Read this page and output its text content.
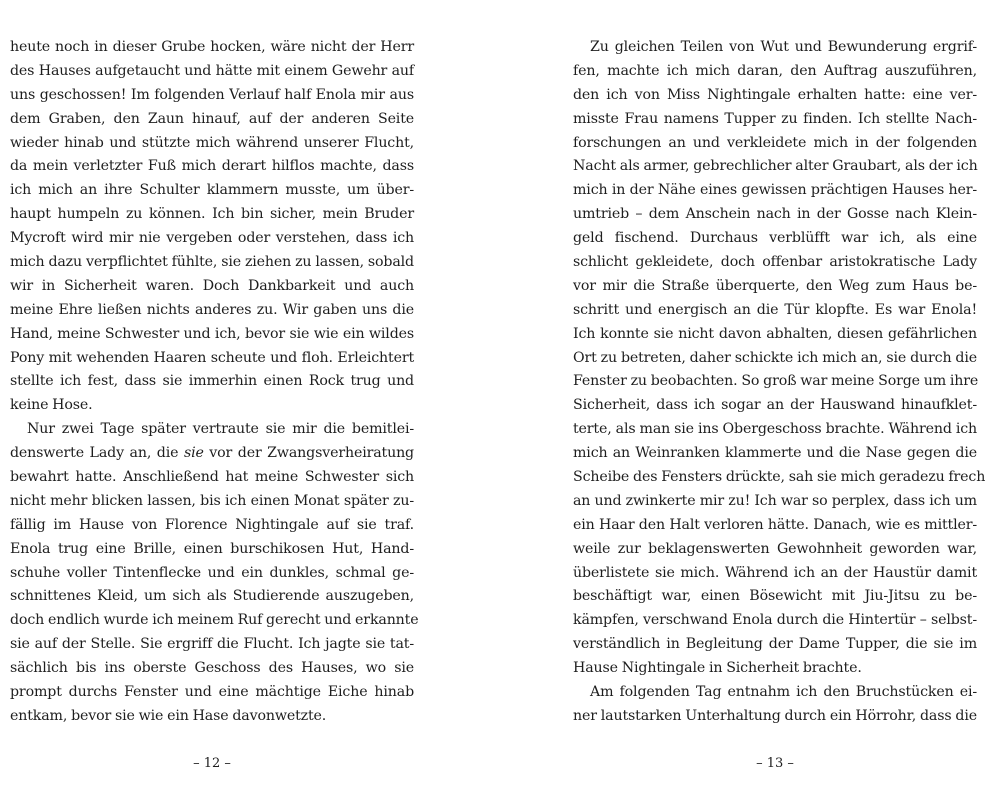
heute noch in dieser Grube hocken, wäre nicht der Herr
des Hauses aufgetaucht und hätte mit einem Gewehr auf
uns geschossen! Im folgenden Verlauf half Enola mir aus
dem Graben, den Zaun hinauf, auf der anderen Seite
wieder hinab und stützte mich während unserer Flucht,
da mein verletzter Fuß mich derart hilflos machte, dass
ich mich an ihre Schulter klammern musste, um über-
haupt humpeln zu können. Ich bin sicher, mein Bruder
Mycroft wird mir nie vergeben oder verstehen, dass ich
mich dazu verpflichtet fühlte, sie ziehen zu lassen, sobald
wir in Sicherheit waren. Doch Dankbarkeit und auch
meine Ehre ließen nichts anderes zu. Wir gaben uns die
Hand, meine Schwester und ich, bevor sie wie ein wildes
Pony mit wehenden Haaren scheute und floh. Erleichtert
stellte ich fest, dass sie immerhin einen Rock trug und
keine Hose.
Nur zwei Tage später vertraute sie mir die bemitlei-
denswerte Lady an, die sie vor der Zwangsverheiratung
bewahrt hatte. Anschließend hat meine Schwester sich
nicht mehr blicken lassen, bis ich einen Monat später zu-
fällig im Hause von Florence Nightingale auf sie traf.
Enola trug eine Brille, einen burschikosen Hut, Hand-
schuhe voller Tintenflecke und ein dunkles, schmal ge-
schnittenes Kleid, um sich als Studierende auszugeben,
doch endlich wurde ich meinem Ruf gerecht und erkannte
sie auf der Stelle. Sie ergriff die Flucht. Ich jagte sie tat-
sächlich bis ins oberste Geschoss des Hauses, wo sie
prompt durchs Fenster und eine mächtige Eiche hinab
entkam, bevor sie wie ein Hase davonwetzte.
– 12 –
Zu gleichen Teilen von Wut und Bewunderung ergrif-
fen, machte ich mich daran, den Auftrag auszuführen,
den ich von Miss Nightingale erhalten hatte: eine ver-
misste Frau namens Tupper zu finden. Ich stellte Nach-
forschungen an und verkleidete mich in der folgenden
Nacht als armer, gebrechlicher alter Graubart, als der ich
mich in der Nähe eines gewissen prächtigen Hauses her-
umtrieb – dem Anschein nach in der Gosse nach Klein-
geld fischend. Durchaus verblüfft war ich, als eine
schlicht gekleidete, doch offenbar aristokratische Lady
vor mir die Straße überquerte, den Weg zum Haus be-
schritt und energisch an die Tür klopfte. Es war Enola!
Ich konnte sie nicht davon abhalten, diesen gefährlichen
Ort zu betreten, daher schickte ich mich an, sie durch die
Fenster zu beobachten. So groß war meine Sorge um ihre
Sicherheit, dass ich sogar an der Hauswand hinaufklet-
terte, als man sie ins Obergeschoss brachte. Während ich
mich an Weinranken klammerte und die Nase gegen die
Scheibe des Fensters drückte, sah sie mich geradezu frech
an und zwinkerte mir zu! Ich war so perplex, dass ich um
ein Haar den Halt verloren hätte. Danach, wie es mittler-
weile zur beklagenswerten Gewohnheit geworden war,
überlistete sie mich. Während ich an der Haustür damit
beschäftigt war, einen Bösewicht mit Jiu-Jitsu zu be-
kämpfen, verschwand Enola durch die Hintertür – selbst-
verständlich in Begleitung der Dame Tupper, die sie im
Hause Nightingale in Sicherheit brachte.
Am folgenden Tag entnahm ich den Bruchstücken ei-
ner lautstarken Unterhaltung durch ein Hörrohr, dass die
– 13 –
